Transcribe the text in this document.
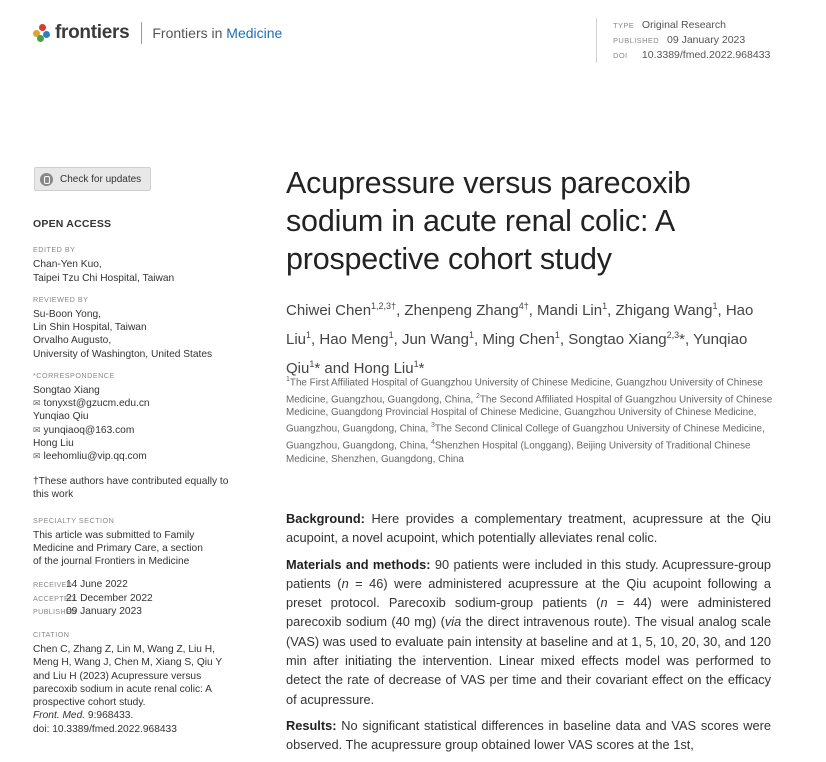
frontiers Frontiers in Medicine	TYPE Original Research
PUBLISHED 09 January 2023
DOI 10.3389/fmed.2022.968433
Check for updates
OPEN ACCESS
EDITED BY
Chan-Yen Kuo,
Taipei Tzu Chi Hospital, Taiwan
REVIEWED BY
Su-Boon Yong,
Lin Shin Hospital, Taiwan
Orvalho Augusto,
University of Washington, United States
*CORRESPONDENCE
Songtao Xiang
✉ tonyxst@gzucm.edu.cn
Yunqiao Qiu
✉ yunqiaoq@163.com
Hong Liu
✉ leehomliu@vip.qq.com
†These authors have contributed equally to this work
SPECIALTY SECTION
This article was submitted to Family Medicine and Primary Care, a section of the journal Frontiers in Medicine
RECEIVED
14 June 2022
ACCEPTED
21 December 2022
PUBLISHED
09 January 2023
CITATION
Chen C, Zhang Z, Lin M, Wang Z, Liu H, Meng H, Wang J, Chen M, Xiang S, Qiu Y and Liu H (2023) Acupressure versus parecoxib sodium in acute renal colic: A prospective cohort study.
Front. Med. 9:968433.
doi: 10.3389/fmed.2022.968433
Acupressure versus parecoxib sodium in acute renal colic: A prospective cohort study
Chiwei Chen$^{1,2,3\dagger}$, Zhenpeng Zhang$^{4\dagger}$, Mandi Lin$^1$, Zhigang Wang$^1$, Hao Liu$^1$, Hao Meng$^1$, Jun Wang$^1$, Ming Chen$^1$, Songtao Xiang$^{2,3}$*, Yunqiao Qiu$^1$* and Hong Liu$^1$*
$^1$The First Affiliated Hospital of Guangzhou University of Chinese Medicine, Guangzhou University of Chinese Medicine, Guangzhou, Guangdong, China, $^2$The Second Affiliated Hospital of Guangzhou University of Chinese Medicine, Guangdong Provincial Hospital of Chinese Medicine, Guangzhou University of Chinese Medicine, Guangzhou, Guangdong, China, $^3$The Second Clinical College of Guangzhou University of Chinese Medicine, Guangzhou, Guangdong, China, $^4$Shenzhen Hospital (Longgang), Beijing University of Traditional Chinese Medicine, Shenzhen, Guangdong, China

Background: Here provides a complementary treatment, acupressure at the Qiu acupoint, a novel acupoint, which potentially alleviates renal colic.

Materials and methods: 90 patients were included in this study. Acupressure-group patients (n = 46) were administered acupressure at the Qiu acupoint following a preset protocol. Parecoxib sodium-group patients (n = 44) were administered parecoxib sodium (40 mg) (via the direct intravenous route). The visual analog scale (VAS) was used to evaluate pain intensity at baseline and at 1, 5, 10, 20, 30, and 120 min after initiating the intervention. Linear mixed effects model was performed to detect the rate of decrease of VAS per time and their covariant effect on the efficacy of acupressure.

Results: No significant statistical differences in baseline data and VAS scores were observed. The acupressure group obtained lower VAS scores at the 1st,
